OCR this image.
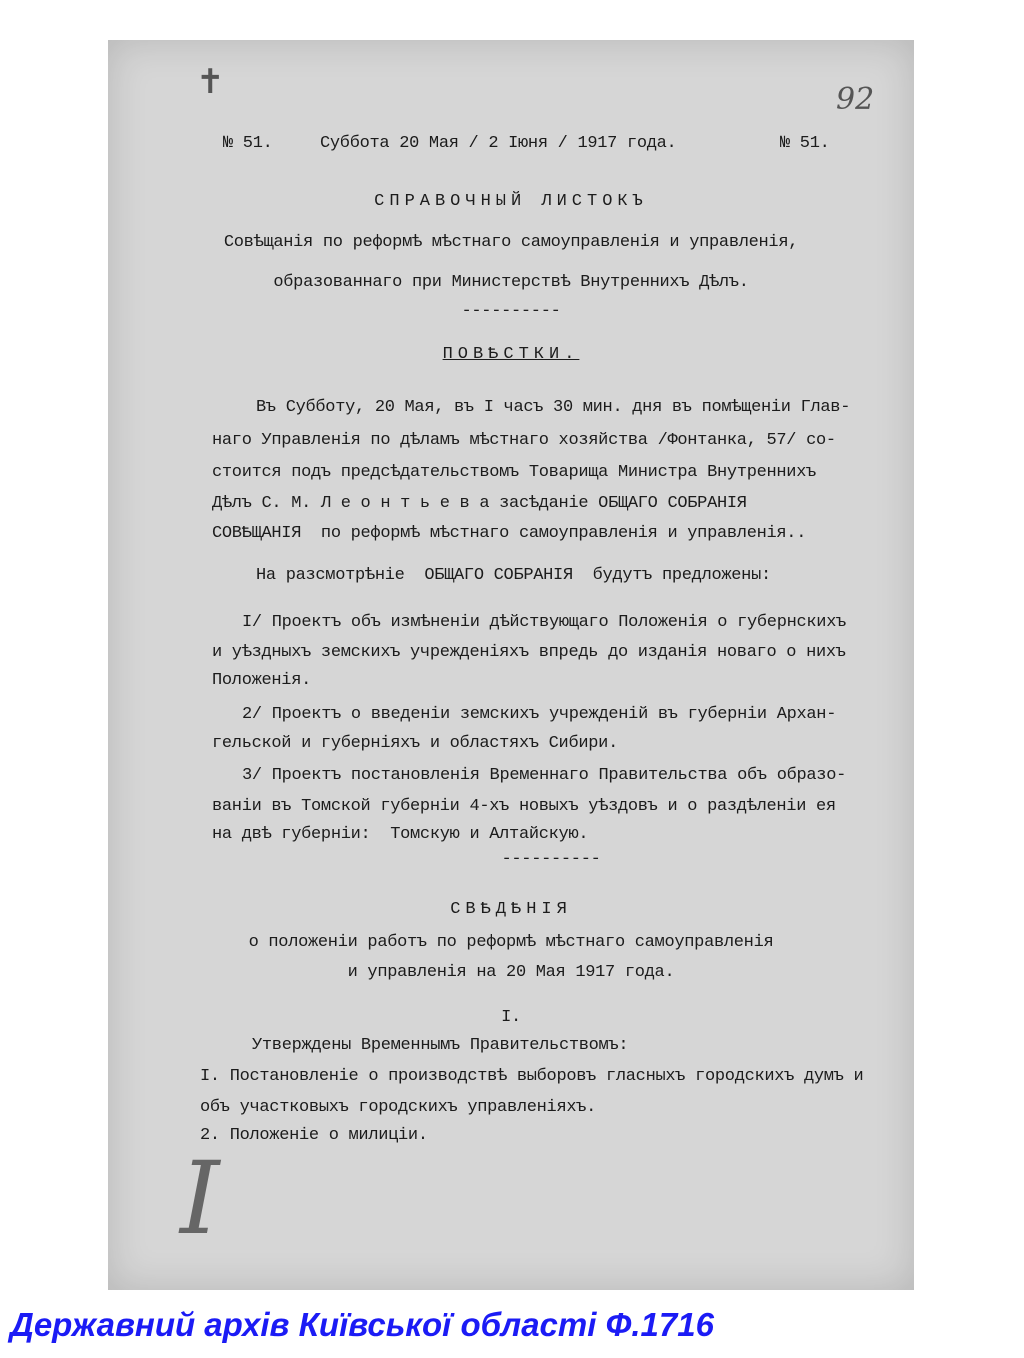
92
✝
№ 51.	Суббота 20 Мая / 2 Іюня / 1917 года.	№ 51.
СПРАВОЧНЫЙ ЛИСТОКЪ
Совѣщанія по реформѣ мѣстнаго самоуправленія и управленія,
образованнаго при Министерствѣ Внутреннихъ Дѣлъ.
----------
ПОВѢСТКИ.
Въ Субботу, 20 Мая, въ I часъ 30 мин. дня въ помѣщеніи Глав-
наго Управленія по дѣламъ мѣстнаго хозяйства /Фонтанка, 57/ со-
стоится подъ предсѣдательствомъ Товарища Министра Внутреннихъ
Дѣлъ С. М. Л е о н т ь е в а засѣданіе ОБЩАГО СОБРАНІЯ
СОВѢЩАНІЯ  по реформѣ мѣстнаго самоуправленія и управленія..
На разсмотрѣніе  ОБЩАГО СОБРАНІЯ  будутъ предложены:
I/ Проектъ объ измѣненіи дѣйствующаго Положенія о губернскихъ
и уѣздныхъ земскихъ учрежденіяхъ впредь до изданія новаго о нихъ
Положенія.
2/ Проектъ о введеніи земскихъ учрежденій въ губерніи Архан-
гельской и губерніяхъ и областяхъ Сибири.
3/ Проектъ постановленія Временнаго Правительства объ образо-
ваніи въ Томской губерніи 4-хъ новыхъ уѣздовъ и о раздѣленіи ея
на двѣ губерніи:  Томскую и Алтайскую.
----------
СВѢДѢНІЯ
о положеніи работъ по реформѣ мѣстнаго самоуправленія
и управленія на 20 Мая 1917 года.
I.
Утверждены Временнымъ Правительствомъ:
I. Постановленіе о производствѣ выборовъ гласныхъ городскихъ думъ и
объ участковыхъ городскихъ управленіяхъ.
2. Положеніе о милиціи.
I
Державний архів Київської області Ф.1716
